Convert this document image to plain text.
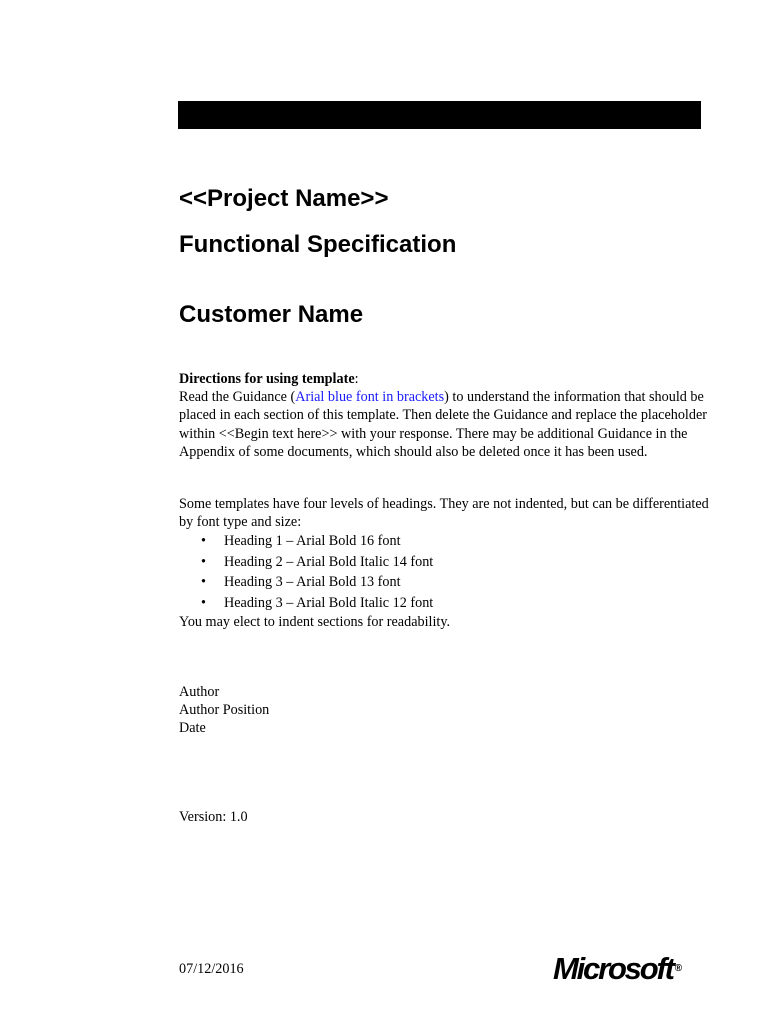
<<Project Name>>
Functional Specification
Customer Name

Directions for using template:

Read the Guidance (Arial blue font in brackets) to understand the information that should be placed in each section of this template. Then delete the Guidance and replace the placeholder within <<Begin text here>> with your response. There may be additional Guidance in the Appendix of some documents, which should also be deleted once it has been used.

Some templates have four levels of headings. They are not indented, but can be differentiated by font type and size:

• Heading 1 – Arial Bold 16 font
• Heading 2 – Arial Bold Italic 14 font
• Heading 3 – Arial Bold 13 font
• Heading 3 – Arial Bold Italic 12 font

You may elect to indent sections for readability.

Author
Author Position
Date
Version: 1.0
07/12/2016	Microsoft ®
